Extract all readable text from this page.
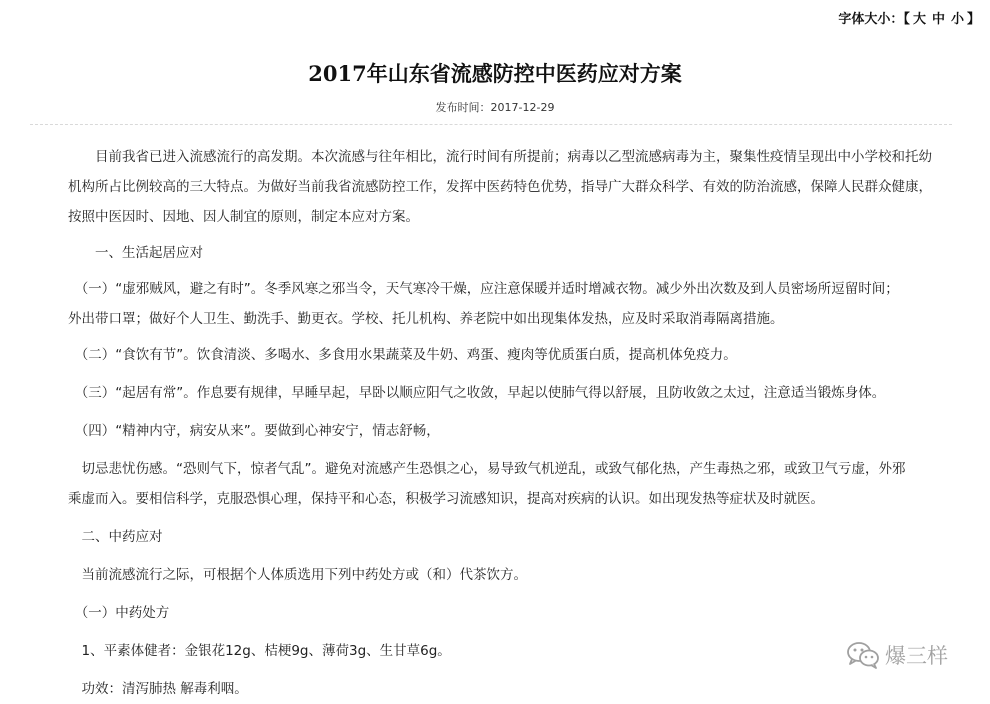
字体大小：【 大 中 小 】
2017年山东省流感防控中医药应对方案
发布时间：2017-12-29

　　目前我省已进入流感流行的高发期。本次流感与往年相比，流行时间有所提前；病毒以乙型流感病毒为主，聚集性疫情呈现出中小学校和托幼

机构所占比例较高的三大特点。为做好当前我省流感防控工作，发挥中医药特色优势，指导广大群众科学、有效的防治流感，保障人民群众健康，

按照中医因时、因地、因人制宜的原则，制定本应对方案。

　　一、生活起居应对

　（一）“虚邪贼风，避之有时”。冬季风寒之邪当令，天气寒冷干燥，应注意保暖并适时增减衣物。减少外出次数及到人员密场所逗留时间；

外出带口罩；做好个人卫生、勤洗手、勤更衣。学校、托儿机构、养老院中如出现集体发热，应及时采取消毒隔离措施。

　（二）“食饮有节”。饮食清淡、多喝水、多食用水果蔬菜及牛奶、鸡蛋、瘦肉等优质蛋白质，提高机体免疫力。

　（三）“起居有常”。作息要有规律，早睡早起，早卧以顺应阳气之收敛，早起以使肺气得以舒展，且防收敛之太过，注意适当锻炼身体。

　（四）“精神内守，病安从来”。要做到心神安宁，情志舒畅，

　切忌悲忧伤感。“恐则气下，惊者气乱”。避免对流感产生恐惧之心，易导致气机逆乱，或致气郁化热，产生毒热之邪，或致卫气亏虚，外邪

乘虚而入。要相信科学，克服恐惧心理，保持平和心态，积极学习流感知识，提高对疾病的认识。如出现发热等症状及时就医。

　二、中药应对

　当前流感流行之际，可根据个人体质选用下列中药处方或（和）代茶饮方。

　（一）中药处方

　1、平素体健者：金银花12g、桔梗9g、薄荷3g、生甘草6g。

　功效：清泻肺热 解毒利咽。

爆三样
